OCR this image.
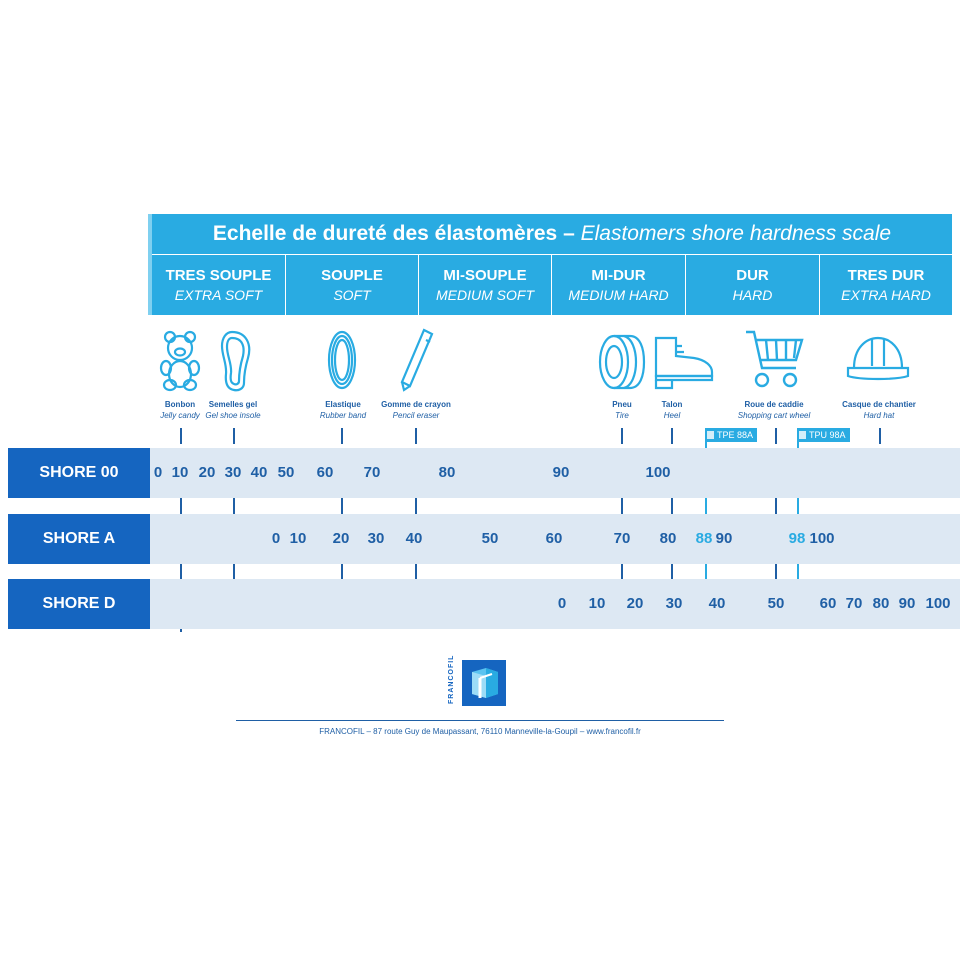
Echelle de dureté des élastomères – Elastomers shore hardness scale
TRES SOUPLE
EXTRA SOFT
SOUPLE
SOFT
MI-SOUPLE
MEDIUM SOFT
MI-DUR
MEDIUM HARD
DUR
HARD
TRES DUR
EXTRA HARD
Bonbon
Jelly candy
Semelles gel
Gel shoe insole
Elastique
Rubber band
Gomme de crayon
Pencil eraser
Pneu
Tire
Talon
Heel
Roue de caddie
Shopping cart wheel
Casque de chantier
Hard hat
TPE 88A	TPU 98A
SHORE 00	0 10 20 30 40 50 60 70	80	90	100
SHORE A	0 10 20 30 40	50	60	70 80 88 90	98 100
SHORE D	0 10 20 30 40	50 60 70 80 90 100
FRANCOFIL
FRANCOFIL – 87 route Guy de Maupassant, 76110 Manneville-la-Goupil – www.francofil.fr
